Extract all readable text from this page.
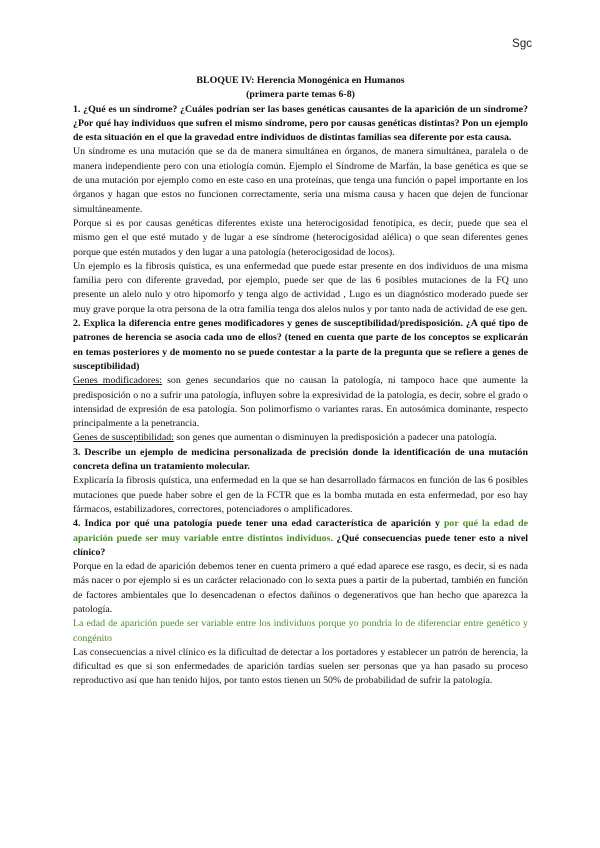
Sgc
BLOQUE IV: Herencia Monogénica en Humanos
(primera parte temas 6-8)
1. ¿Qué es un síndrome? ¿Cuáles podrían ser las bases genéticas causantes de la aparición de un síndrome? ¿Por qué hay individuos que sufren el mismo síndrome, pero por causas genéticas distintas? Pon un ejemplo de esta situación en el que la gravedad entre individuos de distintas familias sea diferente por esta causa.
Un síndrome es una mutación que se da de manera simultánea en órganos, de manera simultánea, paralela o de manera independiente pero con una etiología común. Ejemplo el Síndrome de Marfán, la base genética es que se de una mutación por ejemplo como en este caso en una proteínas, que tenga una función o papel importante en los órganos y hagan que estos no funcionen correctamente, sería una misma causa y hacen que dejen de funcionar simultáneamente.
Porque si es por causas genéticas diferentes existe una heterocigosidad fenotípica, es decir, puede que sea el mismo gen el que esté mutado y de lugar a ese síndrome (heterocigosidad alélica) o que sean diferentes genes porque que estén mutados y den lugar a una patología (heterocigosidad de locos).
Un ejemplo es la fibrosis quística, es una enfermedad que puede estar presente en dos individuos de una misma familia pero con diferente gravedad, por ejemplo, puede ser que de las 6 posibles mutaciones de la FQ uno presente un alelo nulo y otro hipomorfo y tenga algo de actividad , Lugo es un diagnóstico moderado puede ser muy grave porque la otra persona de la otra familia tenga dos alelos nulos y por tanto nada de actividad de ese gen.
2. Explica la diferencia entre genes modificadores y genes de susceptibilidad/predisposición. ¿A qué tipo de patrones de herencia se asocia cada uno de ellos? (tened en cuenta que parte de los conceptos se explicarán en temas posteriores y de momento no se puede contestar a la parte de la pregunta que se refiere a genes de susceptibilidad)
Genes modificadores: son genes secundarios que no causan la patología, ni tampoco hace que aumente la predisposición o no a sufrir una patología, influyen sobre la expresividad de la patología, es decir, sobre el grado o intensidad de expresión de esa patología. Son polimorfismo o variantes raras. En autosómica dominante, respecto principalmente a la penetrancia.
Genes de susceptibilidad: son genes que aumentan o disminuyen la predisposición a padecer una patología.
3. Describe un ejemplo de medicina personalizada de precisión donde la identificación de una mutación concreta defina un tratamiento molecular.
Explicaría la fibrosis quística, una enfermedad en la que se han desarrollado fármacos en función de las 6 posibles mutaciones que puede haber sobre el gen de la FCTR que es la bomba mutada en esta enfermedad, por eso hay fármacos, estabilizadores, correctores, potenciadores o amplificadores.
4. Indica por qué una patología puede tener una edad característica de aparición y por qué la edad de aparición puede ser muy variable entre distintos individuos. ¿Qué consecuencias puede tener esto a nivel clínico?
Porque en la edad de aparición debemos tener en cuenta primero a qué edad aparece ese rasgo, es decir, si es nada más nacer o por ejemplo si es un carácter relacionado con lo sexta pues a partir de la pubertad, también en función de factores ambientales que lo desencadenan o efectos dañinos o degenerativos que han hecho que aparezca la patología.
La edad de aparición puede ser variable entre los individuos porque yo pondría lo de diferenciar entre genético y congénito
Las consecuencias a nivel clínico es la dificultad de detectar a los portadores y establecer un patrón de herencia, la dificultad es que si son enfermedades de aparición tardías suelen ser personas que ya han pasado su proceso reproductivo así que han tenido hijos, por tanto estos tienen un 50% de probabilidad de sufrir la patología.
